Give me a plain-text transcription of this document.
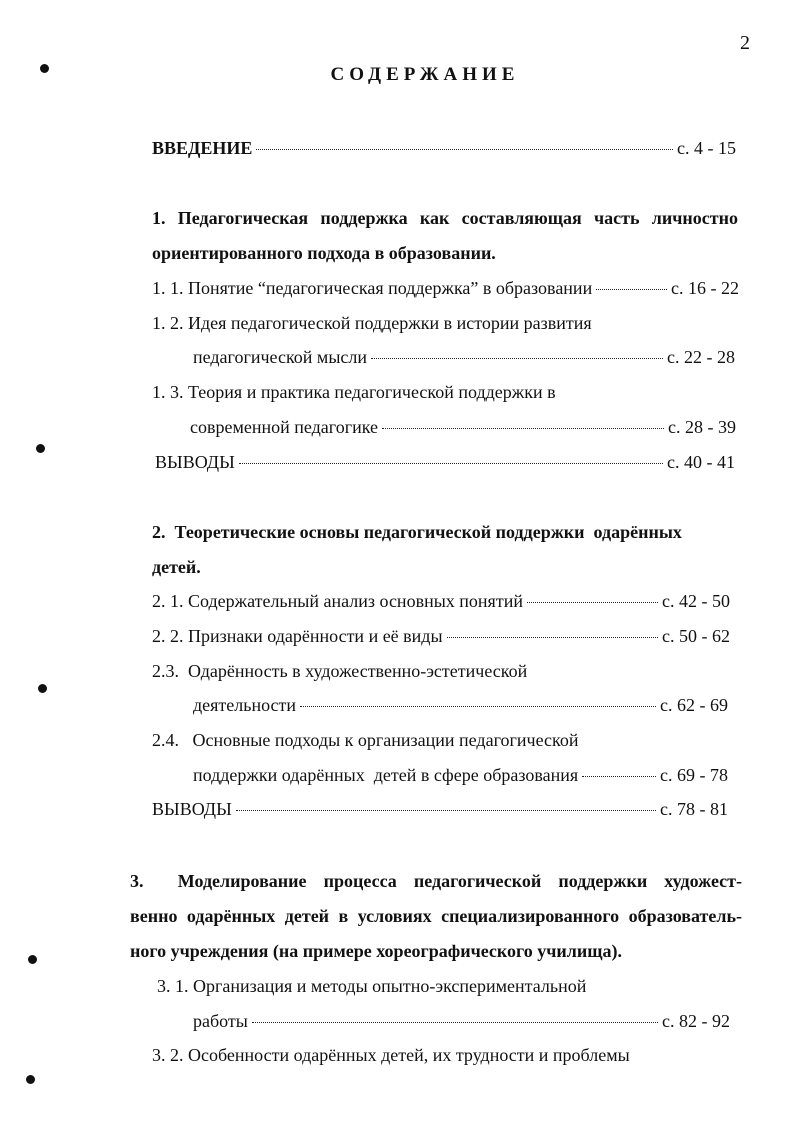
2
СОДЕРЖАНИЕ
ВВЕДЕНИЕ	с. 4 - 15
1. Педагогическая поддержка как составляющая часть личностно
ориентированного подхода в образовании.
1. 1. Понятие “педагогическая поддержка” в образовании	с. 16 - 22
1. 2. Идея педагогической поддержки в истории развития
педагогической мысли	с. 22 - 28
1. 3. Теория и практика педагогической поддержки в
современной педагогике	с. 28 - 39
ВЫВОДЫ	с. 40 - 41
2.  Теоретические основы педагогической поддержки  одарённых
детей.
2. 1. Содержательный анализ основных понятий	с. 42 - 50
2. 2. Признаки одарённости и её виды	с. 50 - 62
2.3.  Одарённость в художественно-эстетической
деятельности	с. 62 - 69
2.4.   Основные подходы к организации педагогической
поддержки одарённых  детей в сфере образования	с. 69 - 78
ВЫВОДЫ	с. 78 - 81
3.  Моделирование процесса педагогической поддержки художест-
венно одарённых детей в условиях специализированного образователь-
ного учреждения (на примере хореографического училища).
3. 1. Организация и методы опытно-экспериментальной
работы	с. 82 - 92
3. 2. Особенности одарённых детей, их трудности и проблемы
